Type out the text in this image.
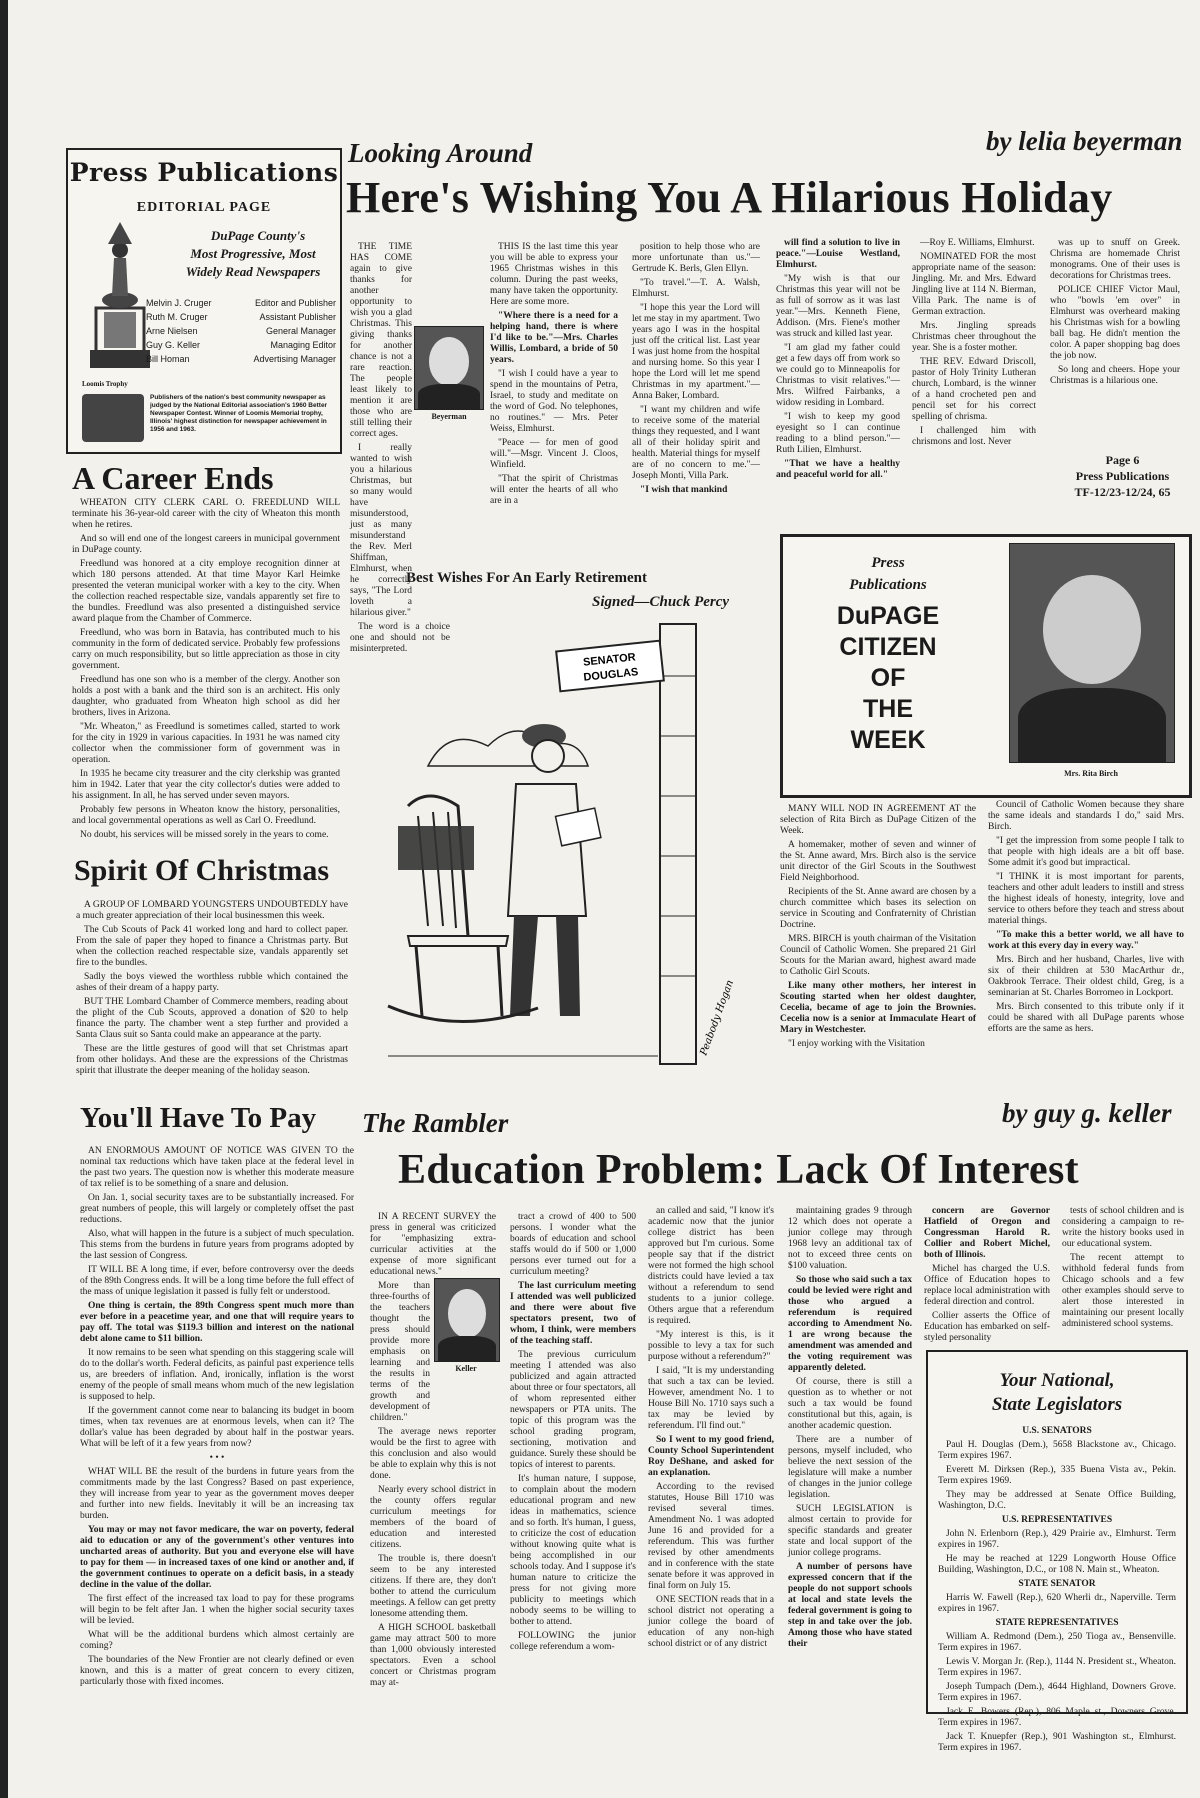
Press Publications
EDITORIAL PAGE
Loomis Trophy
DuPage County's
Most Progressive, Most
Widely Read Newspapers
Melvin J. Cruger	Editor and Publisher
Ruth M. Cruger	Assistant Publisher
Arne Nielsen	General Manager
Guy G. Keller	Managing Editor
Bill Homan	Advertising Manager
Publishers of the nation's best community newspaper as judged by the National Editorial association's 1960 Better Newspaper Contest. Winner of Loomis Memorial trophy, Illinois' highest distinction for newspaper achievement in 1956 and 1963.
Looking Around	by lelia beyerman
Here's Wishing You A Hilarious Holiday

THE TIME HAS COME again to give thanks for another opportunity to wish you a glad Christmas. This giving thanks for another chance is not a rare reaction. The people least likely to mention it are those who are still telling their correct ages.

I really wanted to wish you a hilarious Christmas, but so many would have misunderstood, just as many misunderstand the Rev. Merl Shiffman, Elmhurst, when he correctly says, "The Lord loveth a hilarious giver."

The word is a choice one and should not be misinterpreted.

Beyerman

THIS IS the last time this year you will be able to express your 1965 Christmas wishes in this column. During the past weeks, many have taken the opportunity. Here are some more.

"Where there is a need for a helping hand, there is where I'd like to be."—Mrs. Charles Willis, Lombard, a bride of 50 years.

"I wish I could have a year to spend in the mountains of Petra, Israel, to study and meditate on the word of God. No telephones, no routines." — Mrs. Peter Weiss, Elmhurst.

"Peace — for men of good will."—Msgr. Vincent J. Cloos, Winfield.

"That the spirit of Christmas will enter the hearts of all who are in a

position to help those who are more unfortunate than us."—Gertrude K. Berls, Glen Ellyn.

"To travel."—T. A. Walsh, Elmhurst.

"I hope this year the Lord will let me stay in my apartment. Two years ago I was in the hospital just off the critical list. Last year I was just home from the hospital and nursing home. So this year I hope the Lord will let me spend Christmas in my apartment."—Anna Baker, Lombard.

"I want my children and wife to receive some of the material things they requested, and I want all of their holiday spirit and health. Material things for myself are of no concern to me."—Joseph Monti, Villa Park.

"I wish that mankind

will find a solution to live in peace."—Louise Westland, Elmhurst.

"My wish is that our Christmas this year will not be as full of sorrow as it was last year."—Mrs. Kenneth Fiene, Addison. (Mrs. Fiene's mother was struck and killed last year.

"I am glad my father could get a few days off from work so we could go to Minneapolis for Christmas to visit relatives."—Mrs. Wilfred Fairbanks, a widow residing in Lombard.

"I wish to keep my good eyesight so I can continue reading to a blind person."—Ruth Lilien, Elmhurst.

"That we have a healthy and peaceful world for all."

—Roy E. Williams, Elmhurst.

NOMINATED FOR the most appropriate name of the season: Jingling. Mr. and Mrs. Edward Jingling live at 114 N. Bierman, Villa Park. The name is of German extraction.

Mrs. Jingling spreads Christmas cheer throughout the year. She is a foster mother.

THE REV. Edward Driscoll, pastor of Holy Trinity Lutheran church, Lombard, is the winner of a hand crocheted pen and pencil set for his correct spelling of chrisma.

I challenged him with chrismons and lost. Never

was up to snuff on Greek. Chrisma are homemade Christ monograms. One of their uses is decorations for Christmas trees.

POLICE CHIEF Victor Maul, who "bowls 'em over" in Elmhurst was overheard making his Christmas wish for a bowling ball bag. He didn't mention the color. A paper shopping bag does the job now.

So long and cheers. Hope your Christmas is a hilarious one.

Page 6
Press Publications
TF-12/23-12/24, 65
A Career Ends

WHEATON CITY CLERK CARL O. FREEDLUND WILL terminate his 36-year-old career with the city of Wheaton this month when he retires.

And so will end one of the longest careers in municipal government in DuPage county.

Freedlund was honored at a city employe recognition dinner at which 180 persons attended. At that time Mayor Karl Heimke presented the veteran municipal worker with a key to the city. When the collection reached respectable size, vandals apparently set fire to the bundles. Freedlund was also presented a distinguished service award plaque from the Chamber of Commerce.

Freedlund, who was born in Batavia, has contributed much to his community in the form of dedicated service. Probably few professions carry on much responsibility, but so little appreciation as those in city government.

Freedlund has one son who is a member of the clergy. Another son holds a post with a bank and the third son is an architect. His only daughter, who graduated from Wheaton high school as did her brothers, lives in Arizona.

"Mr. Wheaton," as Freedlund is sometimes called, started to work for the city in 1929 in various capacities. In 1931 he was named city collector when the commissioner form of government was in operation.

In 1935 he became city treasurer and the city clerkship was granted him in 1942. Later that year the city collector's duties were added to his assignment. In all, he has served under seven mayors.

Probably few persons in Wheaton know the history, personalities, and local governmental operations as well as Carl O. Freedlund.

No doubt, his services will be missed sorely in the years to come.

Spirit Of Christmas

A GROUP OF LOMBARD YOUNGSTERS UNDOUBTEDLY have a much greater appreciation of their local businessmen this week.

The Cub Scouts of Pack 41 worked long and hard to collect paper. From the sale of paper they hoped to finance a Christmas party. But when the collection reached respectable size, vandals apparently set fire to the bundles.

Sadly the boys viewed the worthless rubble which contained the ashes of their dream of a happy party.

BUT THE Lombard Chamber of Commerce members, reading about the plight of the Cub Scouts, approved a donation of $20 to help finance the party. The chamber went a step further and provided a Santa Claus suit so Santa could make an appearance at the party.

These are the little gestures of good will that set Christmas apart from other holidays. And these are the expressions of the Christmas spirit that illustrate the deeper meaning of the holiday season.

Best Wishes For An Early Retirement
Signed—Chuck Percy
SENATOR
DOUGLAS
Peabody Hogan
Press
Publications
DuPAGE
CITIZEN
OF
THE
WEEK
Mrs. Rita Birch

MANY WILL NOD IN AGREEMENT AT the selection of Rita Birch as DuPage Citizen of the Week.

A homemaker, mother of seven and winner of the St. Anne award, Mrs. Birch also is the service unit director of the Girl Scouts in the Southwest Field Neighborhood.

Recipients of the St. Anne award are chosen by a church committee which bases its selection on service in Scouting and Confraternity of Christian Doctrine.

MRS. BIRCH is youth chairman of the Visitation Council of Catholic Women. She prepared 21 Girl Scouts for the Marian award, highest award made to Catholic Girl Scouts.

Like many other mothers, her interest in Scouting started when her oldest daughter, Cecelia, became of age to join the Brownies. Cecelia now is a senior at Immaculate Heart of Mary in Westchester.

"I enjoy working with the Visitation

Council of Catholic Women because they share the same ideals and standards I do," said Mrs. Birch.

"I get the impression from some people I talk to that people with high ideals are a bit off base. Some admit it's good but impractical.

"I THINK it is most important for parents, teachers and other adult leaders to instill and stress the highest ideals of honesty, integrity, love and service to others before they teach and stress about material things.

"To make this a better world, we all have to work at this every day in every way."

Mrs. Birch and her husband, Charles, live with six of their children at 530 MacArthur dr., Oakbrook Terrace. Their oldest child, Greg, is a seminarian at St. Charles Borromeo in Lockport.

Mrs. Birch consented to this tribute only if it could be shared with all DuPage parents whose efforts are the same as hers.

You'll Have To Pay

AN ENORMOUS AMOUNT OF NOTICE WAS GIVEN TO the nominal tax reductions which have taken place at the federal level in the past two years. The question now is whether this moderate measure of tax relief is to be something of a snare and delusion.

On Jan. 1, social security taxes are to be substantially increased. For great numbers of people, this will largely or completely offset the past reductions.

Also, what will happen in the future is a subject of much speculation. This stems from the burdens in future years from programs adopted by the last session of Congress.

IT WILL BE A long time, if ever, before controversy over the deeds of the 89th Congress ends. It will be a long time before the full effect of the mass of unique legislation it passed is fully felt or understood.

One thing is certain, the 89th Congress spent much more than ever before in a peacetime year, and one that will require years to pay off. The total was $119.3 billion and interest on the national debt alone came to $11 billion.

It now remains to be seen what spending on this staggering scale will do to the dollar's worth. Federal deficits, as painful past experience tells us, are breeders of inflation. And, ironically, inflation is the worst enemy of the people of small means whom much of the new legislation is supposed to help.

If the government cannot come near to balancing its budget in boom times, when tax revenues are at enormous levels, when can it? The dollar's value has been degraded by about half in the postwar years. What will be left of it a few years from now?

• • •

WHAT WILL BE the result of the burdens in future years from the commitments made by the last Congress? Based on past experience, they will increase from year to year as the government moves deeper and further into new fields. Inevitably it will be an increasing tax burden.

You may or may not favor medicare, the war on poverty, federal aid to education or any of the government's other ventures into uncharted areas of authority. But you and everyone else will have to pay for them — in increased taxes of one kind or another and, if the government continues to operate on a deficit basis, in a steady decline in the value of the dollar.

The first effect of the increased tax load to pay for these programs will begin to be felt after Jan. 1 when the higher social security taxes will be levied.

What will be the additional burdens which almost certainly are coming?

The boundaries of the New Frontier are not clearly defined or even known, and this is a matter of great concern to every citizen, particularly those with fixed incomes.

The Rambler	by guy g. keller
Education Problem: Lack Of Interest

IN A RECENT SURVEY the press in general was criticized for "emphasizing extra-curricular activities at the expense of more significant educational news."

More than three-fourths of the teachers thought the press should provide more emphasis on learning and the results in terms of the growth and development of children."

The average news reporter would be the first to agree with this conclusion and also would be able to explain why this is not done.

Nearly every school district in the county offers regular curriculum meetings for members of the board of education and interested citizens.

The trouble is, there doesn't seem to be any interested citizens. If there are, they don't bother to attend the curriculum meetings. A fellow can get pretty lonesome attending them.

A HIGH SCHOOL basketball game may attract 500 to more than 1,000 obviously interested spectators. Even a school concert or Christmas program may at-

Keller

tract a crowd of 400 to 500 persons. I wonder what the boards of education and school staffs would do if 500 or 1,000 persons ever turned out for a curriculum meeting?

The last curriculum meeting I attended was well publicized and there were about five spectators present, two of whom, I think, were members of the teaching staff.

The previous curriculum meeting I attended was also publicized and again attracted about three or four spectators, all of whom represented either newspapers or PTA units. The topic of this program was the school grading program, sectioning, motivation and guidance. Surely these should be topics of interest to parents.

It's human nature, I suppose, to complain about the modern educational program and new ideas in mathematics, science and so forth. It's human, I guess, to criticize the cost of education without knowing quite what is being accomplished in our schools today. And I suppose it's human nature to criticize the press for not giving more publicity to meetings which nobody seems to be willing to bother to attend.

FOLLOWING the junior college referendum a wom-

an called and said, "I know it's academic now that the junior college district has been approved but I'm curious. Some people say that if the district were not formed the high school districts could have levied a tax without a referendum to send students to a junior college. Others argue that a referendum is required.

"My interest is this, is it possible to levy a tax for such purpose without a referendum?"

I said, "It is my understanding that such a tax can be levied. However, amendment No. 1 to House Bill No. 1710 says such a tax may be levied by referendum. I'll find out."

So I went to my good friend, County School Superintendent Roy DeShane, and asked for an explanation.

According to the revised statutes, House Bill 1710 was revised several times. Amendment No. 1 was adopted June 16 and provided for a referendum. This was further revised by other amendments and in conference with the state senate before it was approved in final form on July 15.

ONE SECTION reads that in a school district not operating a junior college the board of education of any non-high school district or of any district

maintaining grades 9 through 12 which does not operate a junior college may through 1968 levy an additional tax of not to exceed three cents on $100 valuation.

So those who said such a tax could be levied were right and those who argued a referendum is required according to Amendment No. 1 are wrong because the amendment was amended and the voting requirement was apparently deleted.

Of course, there is still a question as to whether or not such a tax would be found constitutional but this, again, is another academic question.

There are a number of persons, myself included, who believe the next session of the legislature will make a number of changes in the junior college legislation.

SUCH LEGISLATION is almost certain to provide for specific standards and greater state and local support of the junior college programs.

A number of persons have expressed concern that if the people do not support schools at local and state levels the federal government is going to step in and take over the job. Among those who have stated their

concern are Governor Hatfield of Oregon and Congressman Harold R. Collier and Robert Michel, both of Illinois.

Michel has charged the U.S. Office of Education hopes to replace local administration with federal direction and control.

Collier asserts the Office of Education has embarked on self-styled personality

tests of school children and is considering a campaign to re-write the history books used in our educational system.

The recent attempt to withhold federal funds from Chicago schools and a few other examples should serve to alert those interested in maintaining our present locally administered school systems.

Your National,
State Legislators

U.S. SENATORS

Paul H. Douglas (Dem.), 5658 Blackstone av., Chicago. Term expires 1967.

Everett M. Dirksen (Rep.), 335 Buena Vista av., Pekin. Term expires 1969.

They may be addressed at Senate Office Building, Washington, D.C.

U.S. REPRESENTATIVES

John N. Erlenborn (Rep.), 429 Prairie av., Elmhurst. Term expires in 1967.

He may be reached at 1229 Longworth House Office Building, Washington, D.C., or 108 N. Main st., Wheaton.

STATE SENATOR

Harris W. Fawell (Rep.), 620 Wherli dr., Naperville. Term expires in 1967.

STATE REPRESENTATIVES

William A. Redmond (Dem.), 250 Tioga av., Bensenville. Term expires in 1967.

Lewis V. Morgan Jr. (Rep.), 1144 N. President st., Wheaton. Term expires in 1967.

Joseph Tumpach (Dem.), 4644 Highland, Downers Grove. Term expires in 1967.

Jack E. Bowers (Rep.), 806 Maple st., Downers Grove. Term expires in 1967.

Jack T. Knuepfer (Rep.), 901 Washington st., Elmhurst. Term expires in 1967.
